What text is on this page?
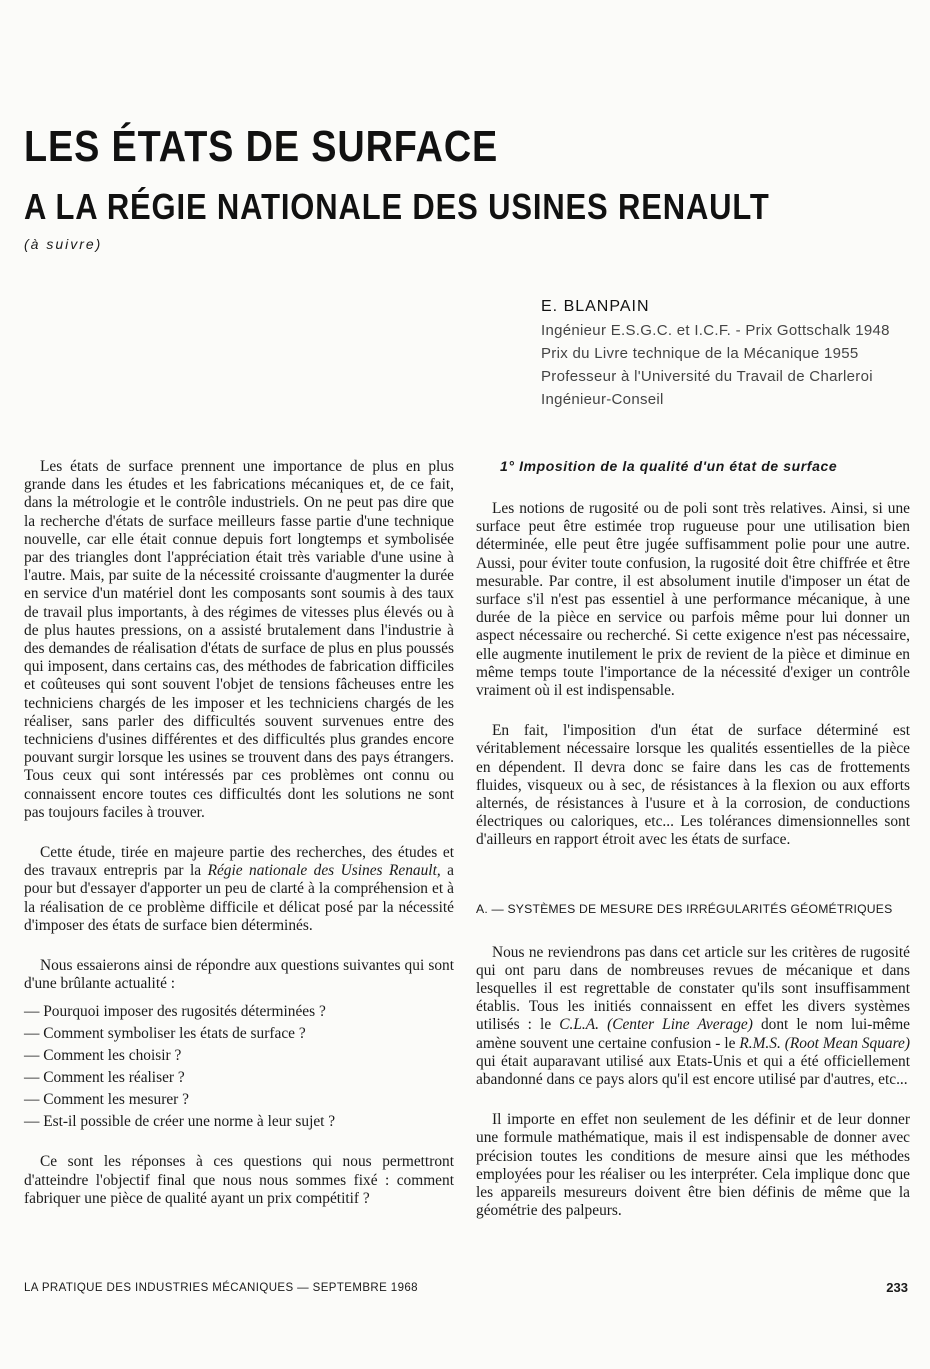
LES ÉTATS DE SURFACE
A LA RÉGIE NATIONALE DES USINES RENAULT
(à suivre)
E. BLANPAIN
Ingénieur E.S.G.C. et I.C.F. - Prix Gottschalk 1948
Prix du Livre technique de la Mécanique 1955
Professeur à l'Université du Travail de Charleroi
Ingénieur-Conseil

Les états de surface prennent une importance de plus en plus grande dans les études et les fabrications mécaniques et, de ce fait, dans la métrologie et le contrôle industriels. On ne peut pas dire que la recherche d'états de surface meilleurs fasse partie d'une technique nouvelle, car elle était connue depuis fort longtemps et symbolisée par des triangles dont l'appréciation était très variable d'une usine à l'autre. Mais, par suite de la nécessité croissante d'augmenter la durée en service d'un matériel dont les composants sont soumis à des taux de travail plus importants, à des régimes de vitesses plus élevés ou à de plus hautes pressions, on a assisté brutalement dans l'industrie à des demandes de réalisation d'états de surface de plus en plus poussés qui imposent, dans certains cas, des méthodes de fabrication difficiles et coûteuses qui sont souvent l'objet de tensions fâcheuses entre les techniciens chargés de les imposer et les techniciens chargés de les réaliser, sans parler des difficultés souvent survenues entre des techniciens d'usines différentes et des difficultés plus grandes encore pouvant surgir lorsque les usines se trouvent dans des pays étrangers. Tous ceux qui sont intéressés par ces problèmes ont connu ou connaissent encore toutes ces difficultés dont les solutions ne sont pas toujours faciles à trouver.

Cette étude, tirée en majeure partie des recherches, des études et des travaux entrepris par la Régie nationale des Usines Renault, a pour but d'essayer d'apporter un peu de clarté à la compréhension et à la réalisation de ce problème difficile et délicat posé par la nécessité d'imposer des états de surface bien déterminés.

Nous essaierons ainsi de répondre aux questions suivantes qui sont d'une brûlante actualité :

— Pourquoi imposer des rugosités déterminées ?
— Comment symboliser les états de surface ?
— Comment les choisir ?
— Comment les réaliser ?
— Comment les mesurer ?
— Est-il possible de créer une norme à leur sujet ?

Ce sont les réponses à ces questions qui nous permettront d'atteindre l'objectif final que nous nous sommes fixé : comment fabriquer une pièce de qualité ayant un prix compétitif ?

1° Imposition de la qualité d'un état de surface

Les notions de rugosité ou de poli sont très relatives. Ainsi, si une surface peut être estimée trop rugueuse pour une utilisation bien déterminée, elle peut être jugée suffisamment polie pour une autre. Aussi, pour éviter toute confusion, la rugosité doit être chiffrée et être mesurable. Par contre, il est absolument inutile d'imposer un état de surface s'il n'est pas essentiel à une performance mécanique, à une durée de la pièce en service ou parfois même pour lui donner un aspect nécessaire ou recherché. Si cette exigence n'est pas nécessaire, elle augmente inutilement le prix de revient de la pièce et diminue en même temps toute l'importance de la nécessité d'exiger un contrôle vraiment où il est indispensable.

En fait, l'imposition d'un état de surface déterminé est véritablement nécessaire lorsque les qualités essentielles de la pièce en dépendent. Il devra donc se faire dans les cas de frottements fluides, visqueux ou à sec, de résistances à la flexion ou aux efforts alternés, de résistances à l'usure et à la corrosion, de conductions électriques ou caloriques, etc... Les tolérances dimensionnelles sont d'ailleurs en rapport étroit avec les états de surface.

A. — SYSTÈMES DE MESURE DES IRRÉGULARITÉS GÉOMÉTRIQUES

Nous ne reviendrons pas dans cet article sur les critères de rugosité qui ont paru dans de nombreuses revues de mécanique et dans lesquelles il est regrettable de constater qu'ils sont insuffisamment établis. Tous les initiés connaissent en effet les divers systèmes utilisés : le C.L.A. (Center Line Average) dont le nom lui-même amène souvent une certaine confusion - le R.M.S. (Root Mean Square) qui était auparavant utilisé aux Etats-Unis et qui a été officiellement abandonné dans ce pays alors qu'il est encore utilisé par d'autres, etc...

Il importe en effet non seulement de les définir et de leur donner une formule mathématique, mais il est indispensable de donner avec précision toutes les conditions de mesure ainsi que les méthodes employées pour les réaliser ou les interpréter. Cela implique donc que les appareils mesureurs doivent être bien définis de même que la géométrie des palpeurs.

LA PRATIQUE DES INDUSTRIES MÉCANIQUES — SEPTEMBRE 1968	233
